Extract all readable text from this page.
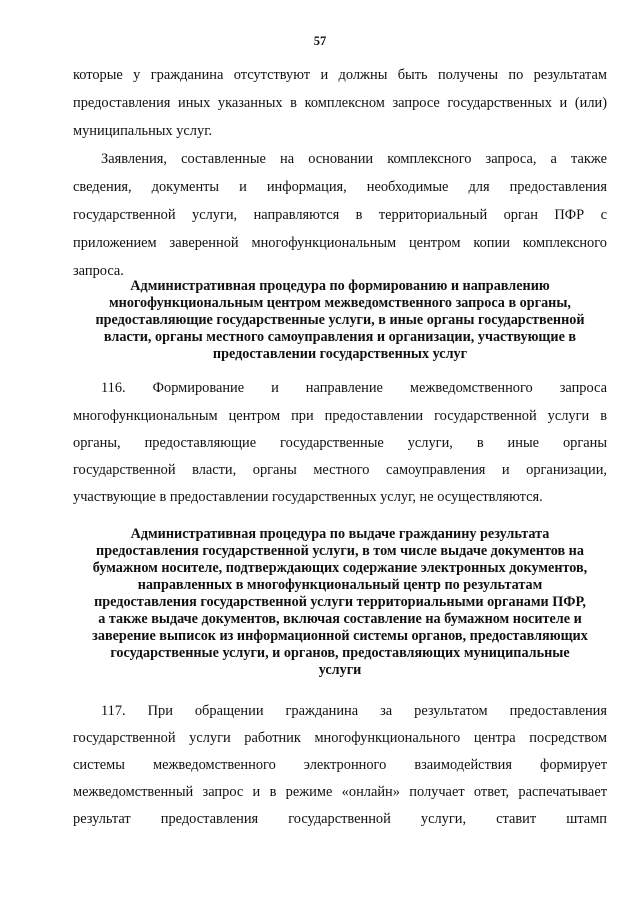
57
которые у гражданина отсутствуют и должны быть получены по результатам
предоставления иных указанных в комплексном запросе государственных и (или)
муниципальных услуг.
Заявления, составленные на основании комплексного запроса, а также
сведения, документы и информация, необходимые для предоставления
государственной услуги, направляются в территориальный орган ПФР с
приложением заверенной многофункциональным центром копии комплексного
запроса.
Административная процедура по формированию и направлению
многофункциональным центром межведомственного запроса в органы,
предоставляющие государственные услуги, в иные органы государственной
власти, органы местного самоуправления и организации, участвующие в
предоставлении государственных услуг
116. Формирование и направление межведомственного запроса
многофункциональным центром при предоставлении государственной услуги в
органы, предоставляющие государственные услуги, в иные органы
государственной власти, органы местного самоуправления и организации,
участвующие в предоставлении государственных услуг, не осуществляются.
Административная процедура по выдаче гражданину результата
предоставления государственной услуги, в том числе выдаче документов на
бумажном носителе, подтверждающих содержание электронных документов,
направленных в многофункциональный центр по результатам
предоставления государственной услуги территориальными органами ПФР,
а также выдаче документов, включая составление на бумажном носителе и
заверение выписок из информационной системы органов, предоставляющих
государственные услуги, и органов, предоставляющих муниципальные
услуги
117. При обращении гражданина за результатом предоставления
государственной услуги работник многофункционального центра посредством
системы межведомственного электронного взаимодействия формирует
межведомственный запрос и в режиме «онлайн» получает ответ, распечатывает
результат предоставления государственной услуги, ставит штамп
